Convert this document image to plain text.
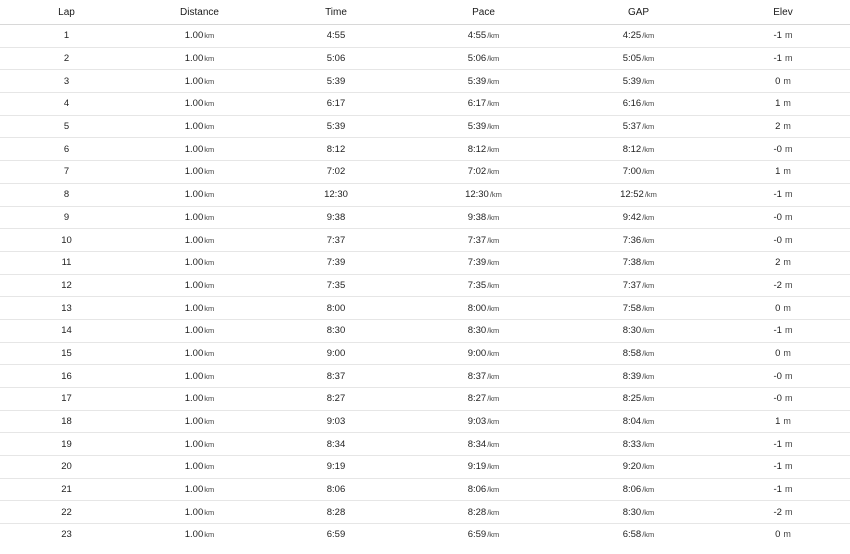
Lap	Distance	Time	Pace	GAP	Elev
1	1.00km	4:55	4:55/km	4:25/km	-1 m
2	1.00km	5:06	5:06/km	5:05/km	-1 m
3	1.00km	5:39	5:39/km	5:39/km	0 m
4	1.00km	6:17	6:17/km	6:16/km	1 m
5	1.00km	5:39	5:39/km	5:37/km	2 m
6	1.00km	8:12	8:12/km	8:12/km	-0 m
7	1.00km	7:02	7:02/km	7:00/km	1 m
8	1.00km	12:30	12:30/km	12:52/km	-1 m
9	1.00km	9:38	9:38/km	9:42/km	-0 m
10	1.00km	7:37	7:37/km	7:36/km	-0 m
11	1.00km	7:39	7:39/km	7:38/km	2 m
12	1.00km	7:35	7:35/km	7:37/km	-2 m
13	1.00km	8:00	8:00/km	7:58/km	0 m
14	1.00km	8:30	8:30/km	8:30/km	-1 m
15	1.00km	9:00	9:00/km	8:58/km	0 m
16	1.00km	8:37	8:37/km	8:39/km	-0 m
17	1.00km	8:27	8:27/km	8:25/km	-0 m
18	1.00km	9:03	9:03/km	8:04/km	1 m
19	1.00km	8:34	8:34/km	8:33/km	-1 m
20	1.00km	9:19	9:19/km	9:20/km	-1 m
21	1.00km	8:06	8:06/km	8:06/km	-1 m
22	1.00km	8:28	8:28/km	8:30/km	-2 m
23	1.00km	6:59	6:59/km	6:58/km	0 m
